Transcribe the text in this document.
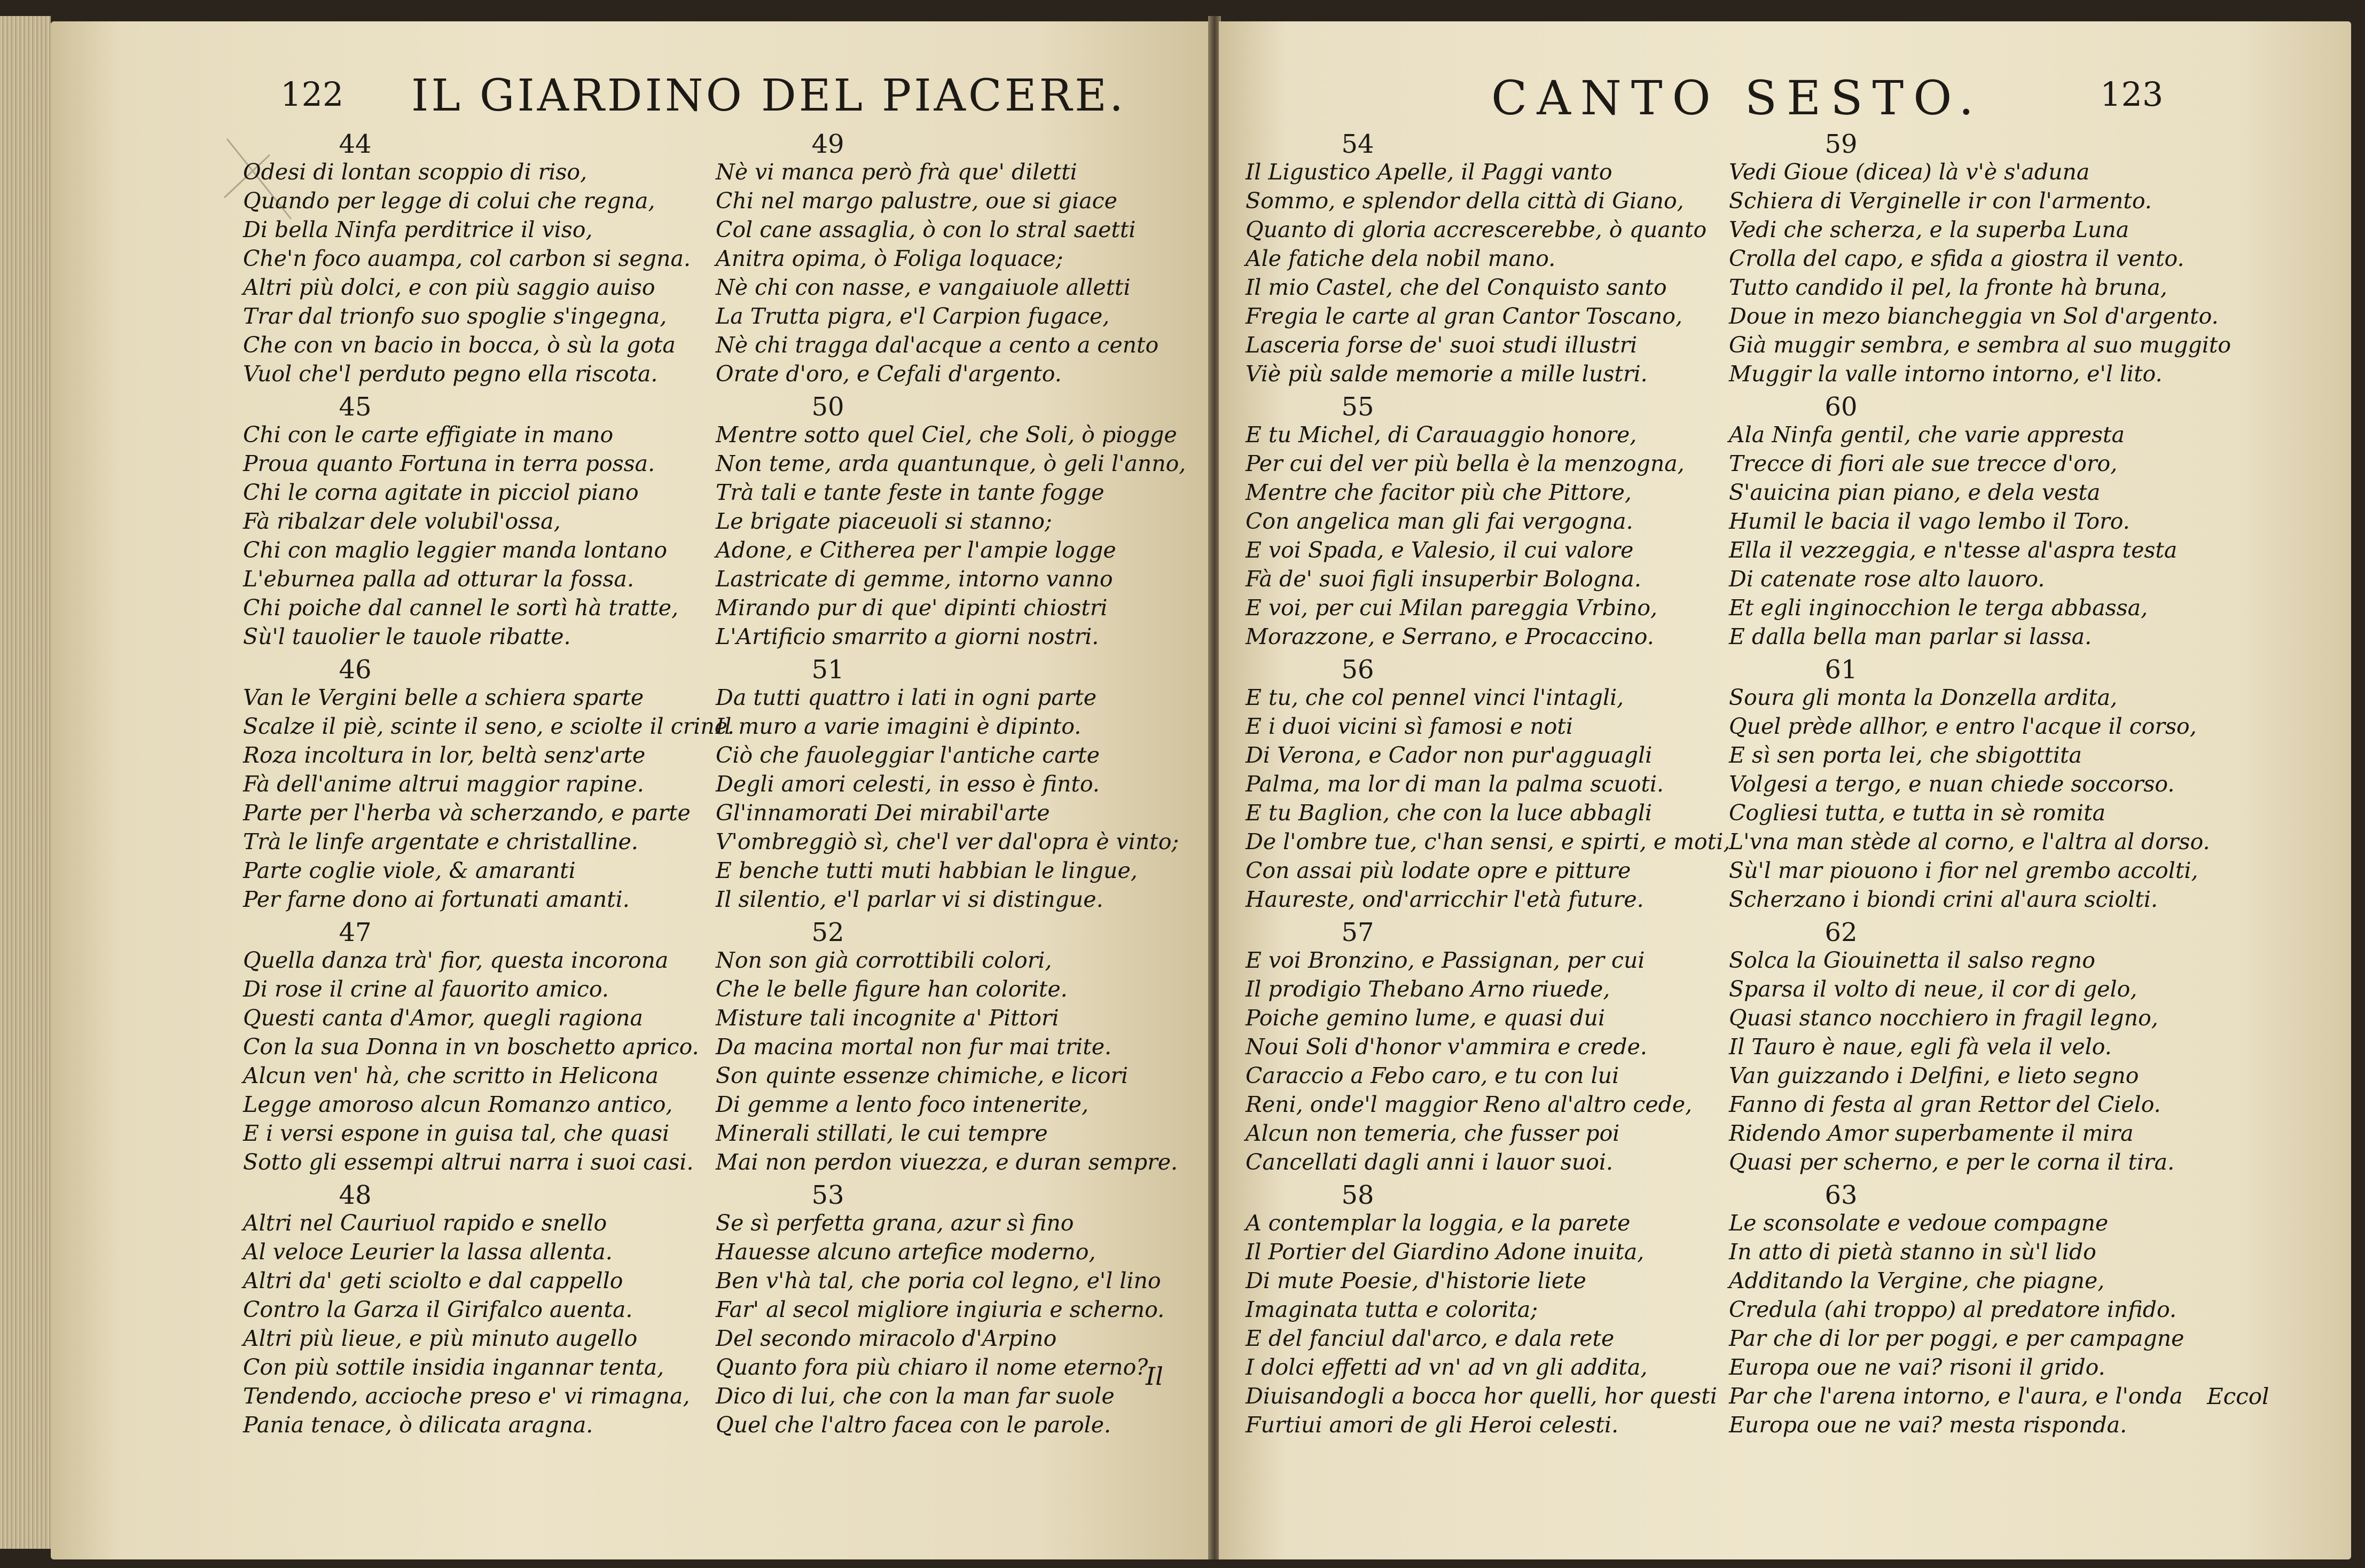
122 IL GIARDINO DEL PIACERE.
44
Odesi di lontan scoppio di riso,
Quando per legge di colui che regna,
Di bella Ninfa perditrice il viso,
Che'n foco auampa, col carbon si segna.
Altri più dolci, e con più saggio auiso
Trar dal trionfo suo spoglie s'ingegna,
Che con vn bacio in bocca, ò sù la gota
Vuol che'l perduto pegno ella riscota.
45
Chi con le carte effigiate in mano
Proua quanto Fortuna in terra possa.
Chi le corna agitate in picciol piano
Fà ribalzar dele volubil'ossa,
Chi con maglio leggier manda lontano
L'eburnea palla ad otturar la fossa.
Chi poiche dal cannel le sortì hà tratte,
Sù'l tauolier le tauole ribatte.
46
Van le Vergini belle a schiera sparte
Scalze il piè, scinte il seno, e sciolte il crine.
Roza incoltura in lor, beltà senz'arte
Fà dell'anime altrui maggior rapine.
Parte per l'herba và scherzando, e parte
Trà le linfe argentate e christalline.
Parte coglie viole, & amaranti
Per farne dono ai fortunati amanti.
47
Quella danza trà' fior, questa incorona
Di rose il crine al fauorito amico.
Questi canta d'Amor, quegli ragiona
Con la sua Donna in vn boschetto aprico.
Alcun ven' hà, che scritto in Helicona
Legge amoroso alcun Romanzo antico,
E i versi espone in guisa tal, che quasi
Sotto gli essempi altrui narra i suoi casi.
48
Altri nel Cauriuol rapido e snello
Al veloce Leurier la lassa allenta.
Altri da' geti sciolto e dal cappello
Contro la Garza il Girifalco auenta.
Altri più lieue, e più minuto augello
Con più sottile insidia ingannar tenta,
Tendendo, accioche preso e' vi rimagna,
Pania tenace, ò dilicata aragna.
49
Nè vi manca però frà que' diletti
Chi nel margo palustre, oue si giace
Col cane assaglia, ò con lo stral saetti
Anitra opima, ò Foliga loquace;
Nè chi con nasse, e vangaiuole alletti
La Trutta pigra, e'l Carpion fugace,
Nè chi tragga dal'acque a cento a cento
Orate d'oro, e Cefali d'argento.
50
Mentre sotto quel Ciel, che Soli, ò piogge
Non teme, arda quantunque, ò geli l'anno,
Trà tali e tante feste in tante fogge
Le brigate piaceuoli si stanno;
Adone, e Citherea per l'ampie logge
Lastricate di gemme, intorno vanno
Mirando pur di que' dipinti chiostri
L'Artificio smarrito a giorni nostri.
51
Da tutti quattro i lati in ogni parte
Il muro a varie imagini è dipinto.
Ciò che fauoleggiar l'antiche carte
Degli amori celesti, in esso è finto.
Gl'innamorati Dei mirabil'arte
V'ombreggiò sì, che'l ver dal'opra è vinto;
E benche tutti muti habbian le lingue,
Il silentio, e'l parlar vi si distingue.
52
Non son già corrottibili colori,
Che le belle figure han colorite.
Misture tali incognite a' Pittori
Da macina mortal non fur mai trite.
Son quinte essenze chimiche, e licori
Di gemme a lento foco intenerite,
Minerali stillati, le cui tempre
Mai non perdon viuezza, e duran sempre.
53
Se sì perfetta grana, azur sì fino
Hauesse alcuno artefice moderno,
Ben v'hà tal, che poria col legno, e'l lino
Far' al secol migliore ingiuria e scherno.
Del secondo miracolo d'Arpino
Quanto fora più chiaro il nome eterno?
Dico di lui, che con la man far suole
Quel che l'altro facea con le parole.
Il
CANTO SESTO.	123
54
Il Ligustico Apelle, il Paggi vanto
Sommo, e splendor della città di Giano,
Quanto di gloria accrescerebbe, ò quanto
Ale fatiche dela nobil mano.
Il mio Castel, che del Conquisto santo
Fregia le carte al gran Cantor Toscano,
Lasceria forse de' suoi studi illustri
Viè più salde memorie a mille lustri.
55
E tu Michel, di Carauaggio honore,
Per cui del ver più bella è la menzogna,
Mentre che facitor più che Pittore,
Con angelica man gli fai vergogna.
E voi Spada, e Valesio, il cui valore
Fà de' suoi figli insuperbir Bologna.
E voi, per cui Milan pareggia Vrbino,
Morazzone, e Serrano, e Procaccino.
56
E tu, che col pennel vinci l'intagli,
E i duoi vicini sì famosi e noti
Di Verona, e Cador non pur'agguagli
Palma, ma lor di man la palma scuoti.
E tu Baglion, che con la luce abbagli
De l'ombre tue, c'han sensi, e spirti, e moti,
Con assai più lodate opre e pitture
Haureste, ond'arricchir l'età future.
57
E voi Bronzino, e Passignan, per cui
Il prodigio Thebano Arno riuede,
Poiche gemino lume, e quasi dui
Noui Soli d'honor v'ammira e crede.
Caraccio a Febo caro, e tu con lui
Reni, onde'l maggior Reno al'altro cede,
Alcun non temeria, che fusser poi
Cancellati dagli anni i lauor suoi.
58
A contemplar la loggia, e la parete
Il Portier del Giardino Adone inuita,
Di mute Poesie, d'historie liete
Imaginata tutta e colorita;
E del fanciul dal'arco, e dala rete
I dolci effetti ad vn' ad vn gli addita,
Diuisandogli a bocca hor quelli, hor questi
Furtiui amori de gli Heroi celesti.
59
Vedi Gioue (dicea) là v'è s'aduna
Schiera di Verginelle ir con l'armento.
Vedi che scherza, e la superba Luna
Crolla del capo, e sfida a giostra il vento.
Tutto candido il pel, la fronte hà bruna,
Doue in mezo biancheggia vn Sol d'argento.
Già muggir sembra, e sembra al suo muggito
Muggir la valle intorno intorno, e'l lito.
60
Ala Ninfa gentil, che varie appresta
Trecce di fiori ale sue trecce d'oro,
S'auicina pian piano, e dela vesta
Humil le bacia il vago lembo il Toro.
Ella il vezzeggia, e n'tesse al'aspra testa
Di catenate rose alto lauoro.
Et egli inginocchion le terga abbassa,
E dalla bella man parlar si lassa.
61
Soura gli monta la Donzella ardita,
Quel prède allhor, e entro l'acque il corso,
E sì sen porta lei, che sbigottita
Volgesi a tergo, e nuan chiede soccorso.
Cogliesi tutta, e tutta in sè romita
L'vna man stède al corno, e l'altra al dorso.
Sù'l mar piouono i fior nel grembo accolti,
Scherzano i biondi crini al'aura sciolti.
62
Solca la Giouinetta il salso regno
Sparsa il volto di neue, il cor di gelo,
Quasi stanco nocchiero in fragil legno,
Il Tauro è naue, egli fà vela il velo.
Van guizzando i Delfini, e lieto segno
Fanno di festa al gran Rettor del Cielo.
Ridendo Amor superbamente il mira
Quasi per scherno, e per le corna il tira.
63
Le sconsolate e vedoue compagne
In atto di pietà stanno in sù'l lido
Additando la Vergine, che piagne,
Credula (ahi troppo) al predatore infido.
Par che di lor per poggi, e per campagne
Europa oue ne vai? risoni il grido.
Par che l'arena intorno, e l'aura, e l'onda
Europa oue ne vai? mesta risponda.
Eccol
